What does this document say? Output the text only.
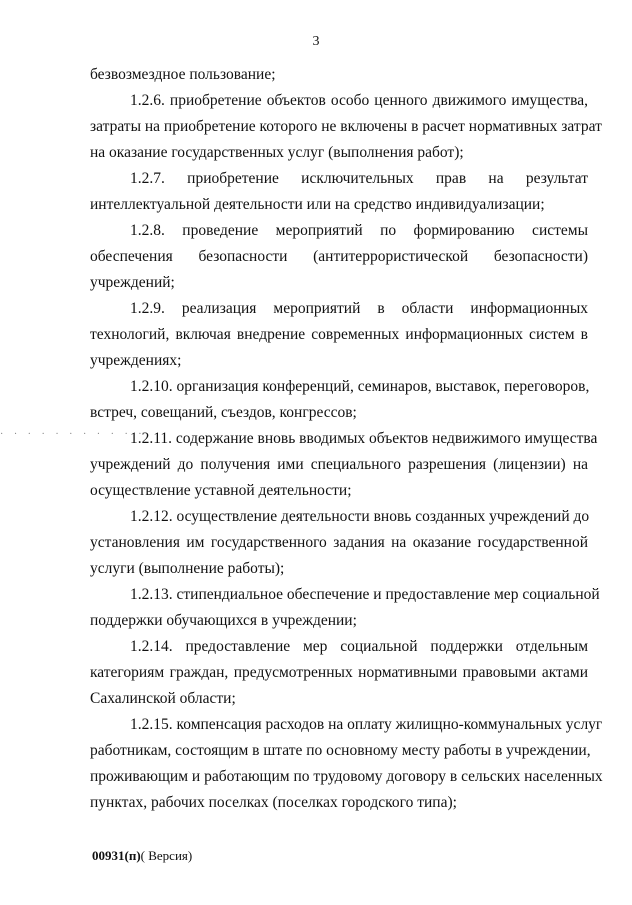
3
· · · · · · · · · · ·
безвозмездное пользование;
1.2.6. приобретение объектов особо ценного движимого имущества,
затраты на приобретение которого не включены в расчет нормативных затрат
на оказание государственных услуг (выполнения работ);
1.2.7. приобретение исключительных прав на результат
интеллектуальной деятельности или на средство индивидуализации;
1.2.8. проведение мероприятий по формированию системы
обеспечения безопасности (антитеррористической безопасности)
учреждений;
1.2.9. реализация мероприятий в области информационных
технологий, включая внедрение современных информационных систем в
учреждениях;
1.2.10. организация конференций, семинаров, выставок, переговоров,
встреч, совещаний, съездов, конгрессов;
1.2.11. содержание вновь вводимых объектов недвижимого имущества
учреждений до получения ими специального разрешения (лицензии) на
осуществление уставной деятельности;
1.2.12. осуществление деятельности вновь созданных учреждений до
установления им государственного задания на оказание государственной
услуги (выполнение работы);
1.2.13. стипендиальное обеспечение и предоставление мер социальной
поддержки обучающихся в учреждении;
1.2.14. предоставление мер социальной поддержки отдельным
категориям граждан, предусмотренных нормативными правовыми актами
Сахалинской области;
1.2.15. компенсация расходов на оплату жилищно-коммунальных услуг
работникам, состоящим в штате по основному месту работы в учреждении,
проживающим и работающим по трудовому договору в сельских населенных
пунктах, рабочих поселках (поселках городского типа);
00931(п)( Версия)
